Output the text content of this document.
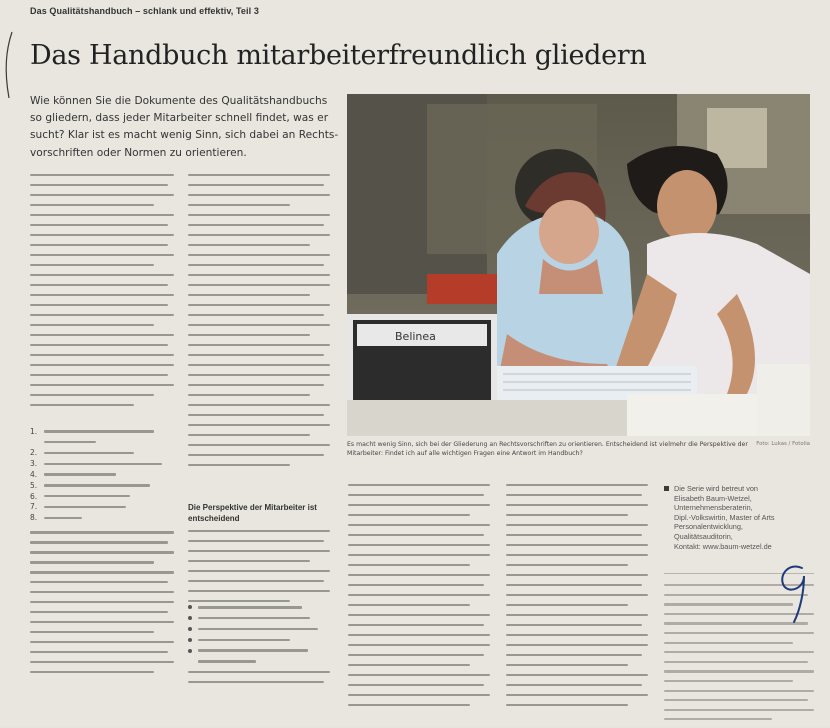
Das Qualitätshandbuch – schlank und effektiv, Teil 3
Das Handbuch mitarbeiterfreundlich gliedern
Wie können Sie die Dokumente des Qualitätshandbuchs
so gliedern, dass jeder Mitarbeiter schnell findet, was er
sucht? Klar ist es macht wenig Sinn, sich dabei an Rechts-
vorschriften oder Normen zu orientieren.
1.
2.
3.
4.
5.
6.
7.
8.
Die Perspektive der Mitarbeiter ist entscheidend
Belinea
Foto: Lukas / Fotolia
Es macht wenig Sinn, sich bei der Gliederung an Rechtsvorschriften zu orientieren. Entscheidend ist vielmehr die Perspektive der Mitarbeiter: Findet ich auf alle wichtigen Fragen eine Antwort im Handbuch?
Die Serie wird betreut von
Elisabeth Baum-Wetzel,
Unternehmensberaterin,
Dipl.-Volkswirtin, Master of Arts
Personalentwicklung,
Qualitätsauditorin,
Kontakt: www.baum-wetzel.de
